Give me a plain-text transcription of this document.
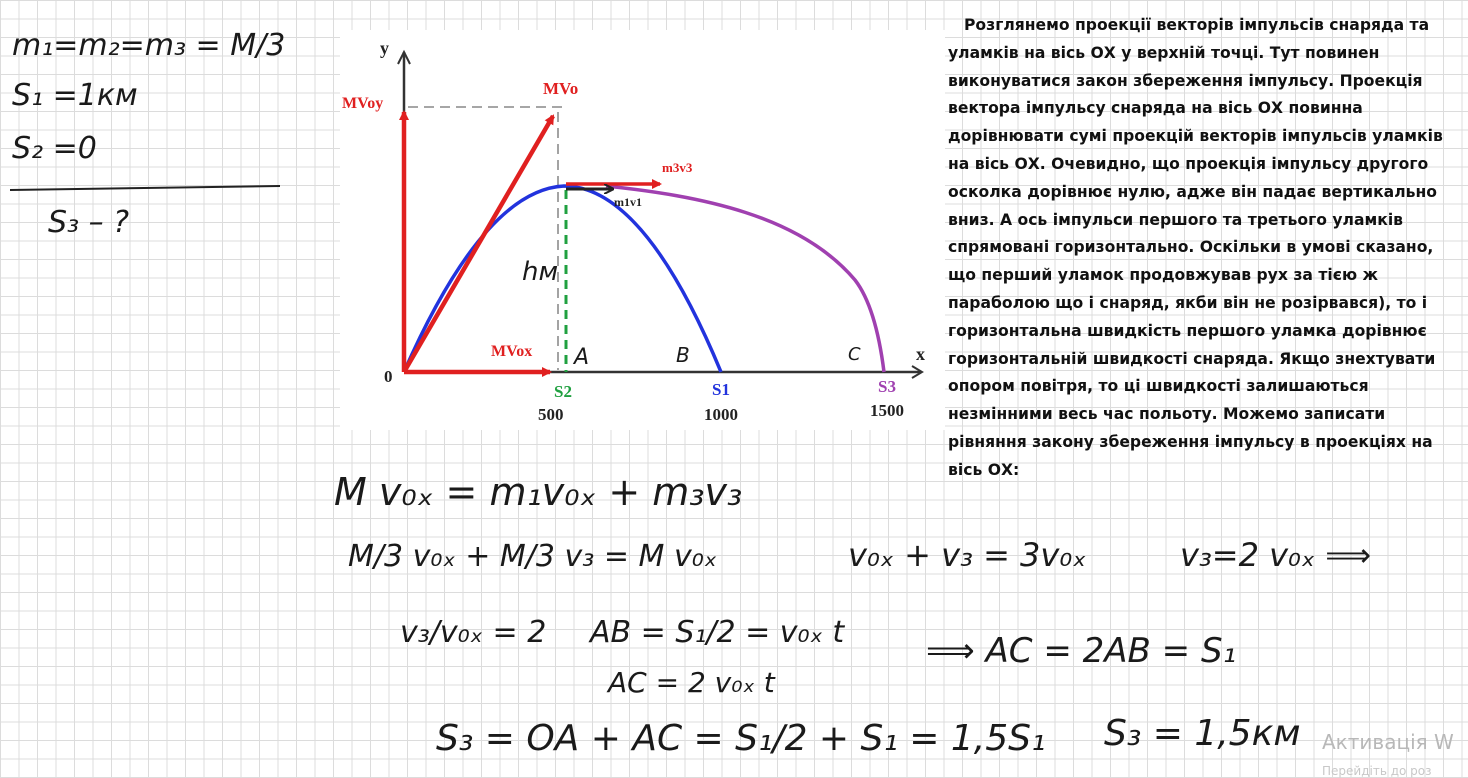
m₁=m₂=m₃ = M/3
S₁ =1км
S₂ =0
S₃ – ?
y
x
0
MVoy
MVo
MVox
m3v3
m1v1
S2	S1	S3
500	1000	1500
A	B	C
hм
M v₀ₓ = m₁v₀ₓ + m₃v₃
M/3 v₀ₓ + M/3 v₃ = M v₀ₓ	v₀ₓ + v₃ = 3v₀ₓ	v₃=2 v₀ₓ ⟹
v₃/v₀ₓ = 2 AB = S₁/2 = v₀ₓ t
AC = 2 v₀ₓ t
⟹ AC = 2AB = S₁
S₃ = OA + AC = S₁/2 + S₁ = 1,5S₁ S₃ = 1,5км
Розглянемо проекції векторів імпульсів снаряда та уламків на вісь ОХ у верхній точці. Тут повинен виконуватися закон збереження імпульсу. Проекція вектора імпульсу снаряда на вісь ОХ повинна дорівнювати сумі проекцій векторів імпульсів уламків на вісь ОХ. Очевидно, що проекція імпульсу другого осколка дорівнює нулю, адже він падає вертикально вниз. А ось імпульси першого та третього уламків спрямовані горизонтально. Оскільки в умові сказано, що перший уламок продовжував рух за тією ж параболою що і снаряд, якби він не розірвався), то і горизонтальна швидкість першого уламка дорівнює горизонтальній швидкості снаряда. Якщо знехтувати опором повітря, то ці швидкості залишаються незмінними весь час польоту. Можемо записати рівняння закону збереження імпульсу в проекціях на вісь ОХ:
Активація W
Перейдіть до роз
